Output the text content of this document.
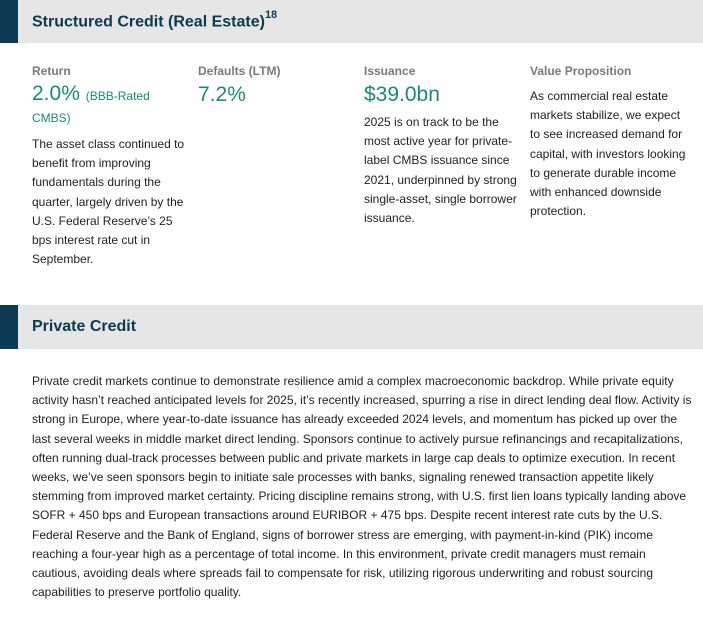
Structured Credit (Real Estate)$^{18}$
Return
2.0% (BBB-Rated
CMBS)
The asset class continued to benefit from improving fundamentals during the quarter, largely driven by the U.S. Federal Reserve’s 25 bps interest rate cut in September.
Defaults (LTM)
7.2%
Issuance
$39.0bn
2025 is on track to be the most active year for private-label CMBS issuance since 2021, underpinned by strong single-asset, single borrower issuance.
Value Proposition
As commercial real estate markets stabilize, we expect to see increased demand for capital, with investors looking to generate durable income with enhanced downside protection.
Private Credit
Private credit markets continue to demonstrate resilience amid a complex macroeconomic backdrop. While private equity activity hasn’t reached anticipated levels for 2025, it’s recently increased, spurring a rise in direct lending deal flow. Activity is strong in Europe, where year-to-date issuance has already exceeded 2024 levels, and momentum has picked up over the last several weeks in middle market direct lending. Sponsors continue to actively pursue refinancings and recapitalizations, often running dual-track processes between public and private markets in large cap deals to optimize execution. In recent weeks, we’ve seen sponsors begin to initiate sale processes with banks, signaling renewed transaction appetite likely stemming from improved market certainty. Pricing discipline remains strong, with U.S. first lien loans typically landing above SOFR + 450 bps and European transactions around EURIBOR + 475 bps. Despite recent interest rate cuts by the U.S. Federal Reserve and the Bank of England, signs of borrower stress are emerging, with payment-in-kind (PIK) income reaching a four-year high as a percentage of total income. In this environment, private credit managers must remain cautious, avoiding deals where spreads fail to compensate for risk, utilizing rigorous underwriting and robust sourcing capabilities to preserve portfolio quality.
